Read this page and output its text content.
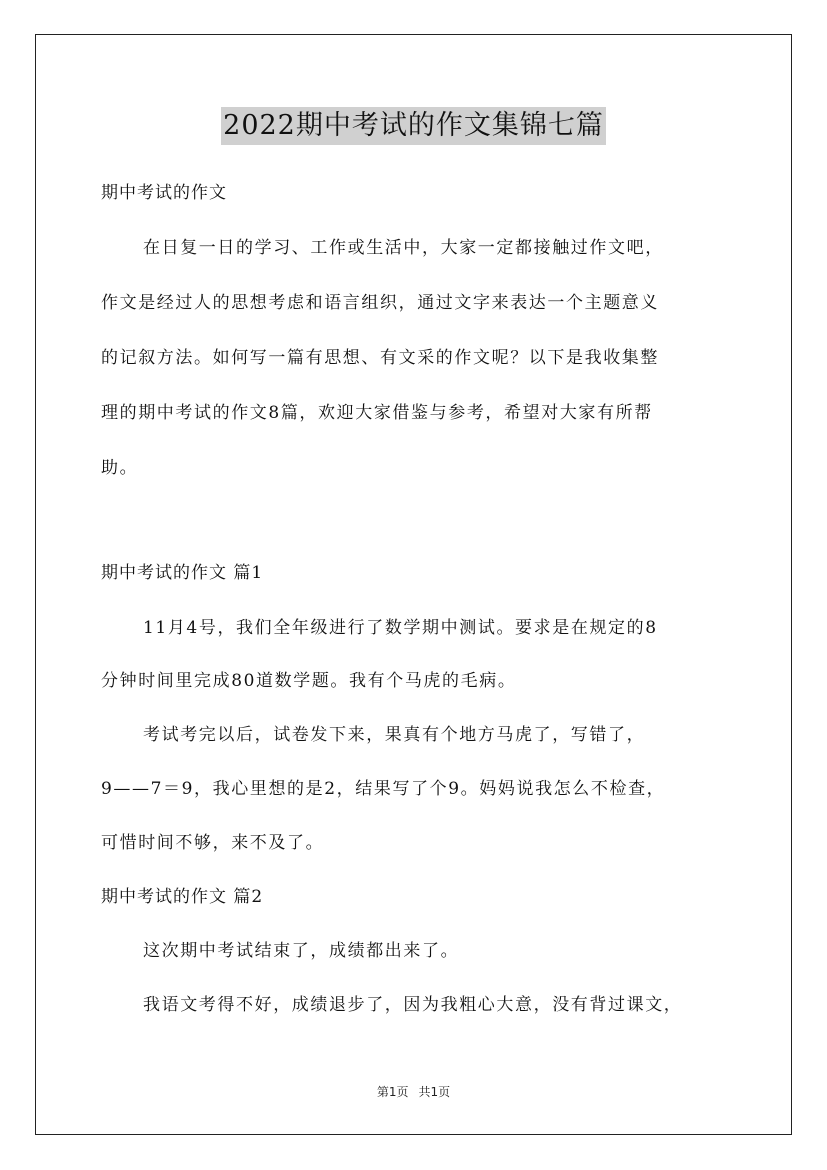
2022期中考试的作文集锦七篇
期中考试的作文
在日复一日的学习、工作或生活中，大家一定都接触过作文吧，
作文是经过人的思想考虑和语言组织，通过文字来表达一个主题意义
的记叙方法。如何写一篇有思想、有文采的作文呢？以下是我收集整
理的期中考试的作文8篇，欢迎大家借鉴与参考，希望对大家有所帮
助。
期中考试的作文 篇1
11月4号，我们全年级进行了数学期中测试。要求是在规定的8
分钟时间里完成80道数学题。我有个马虎的毛病。
考试考完以后，试卷发下来，果真有个地方马虎了，写错了，
9——7＝9，我心里想的是2，结果写了个9。妈妈说我怎么不检查，
可惜时间不够，来不及了。
期中考试的作文 篇2
这次期中考试结束了，成绩都出来了。
我语文考得不好，成绩退步了，因为我粗心大意，没有背过课文，
第1页 共1页
